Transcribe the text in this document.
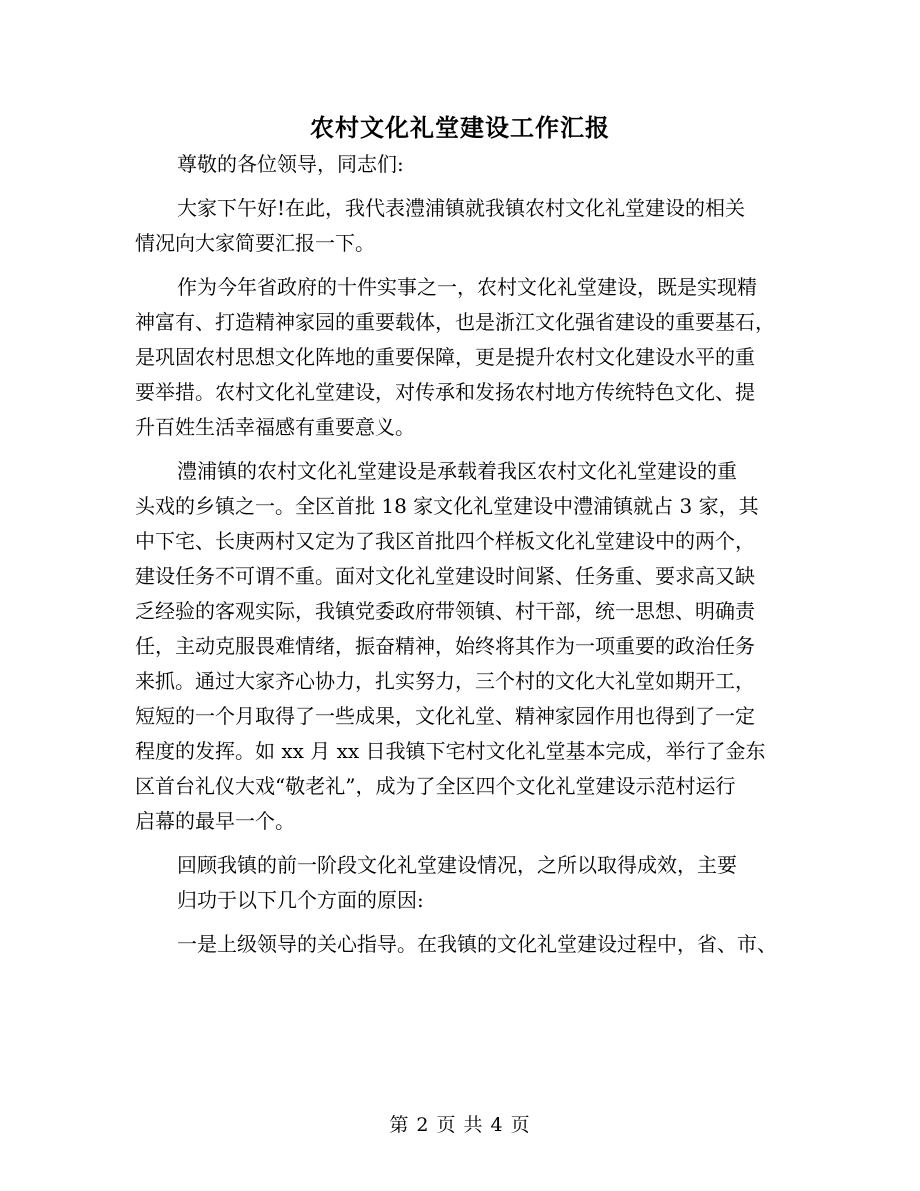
农村文化礼堂建设工作汇报
尊敬的各位领导，同志们:
大家下午好!在此，我代表澧浦镇就我镇农村文化礼堂建设的相关
情况向大家简要汇报一下。
作为今年省政府的十件实事之一，农村文化礼堂建设，既是实现精
神富有、打造精神家园的重要载体，也是浙江文化强省建设的重要基石，
是巩固农村思想文化阵地的重要保障，更是提升农村文化建设水平的重
要举措。农村文化礼堂建设，对传承和发扬农村地方传统特色文化、提
升百姓生活幸福感有重要意义。
澧浦镇的农村文化礼堂建设是承载着我区农村文化礼堂建设的重
头戏的乡镇之一。全区首批 18 家文化礼堂建设中澧浦镇就占 3 家，其
中下宅、长庚两村又定为了我区首批四个样板文化礼堂建设中的两个，
建设任务不可谓不重。面对文化礼堂建设时间紧、任务重、要求高又缺
乏经验的客观实际，我镇党委政府带领镇、村干部，统一思想、明确责
任，主动克服畏难情绪，振奋精神，始终将其作为一项重要的政治任务
来抓。通过大家齐心协力，扎实努力，三个村的文化大礼堂如期开工，
短短的一个月取得了一些成果，文化礼堂、精神家园作用也得到了一定
程度的发挥。如 xx 月 xx 日我镇下宅村文化礼堂基本完成，举行了金东
区首台礼仪大戏“敬老礼”，成为了全区四个文化礼堂建设示范村运行
启幕的最早一个。
回顾我镇的前一阶段文化礼堂建设情况，之所以取得成效，主要
归功于以下几个方面的原因:
一是上级领导的关心指导。在我镇的文化礼堂建设过程中，省、市、
第 2 页 共 4 页
